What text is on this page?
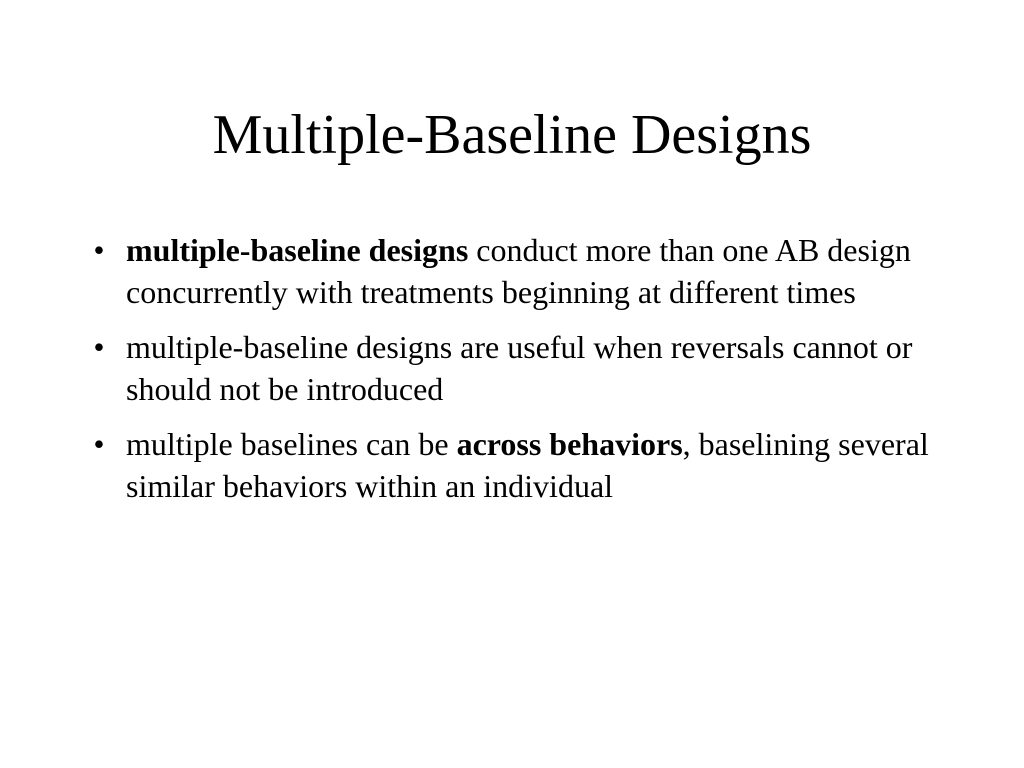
Multiple-Baseline Designs
• multiple-baseline designs conduct more than one AB design concurrently with treatments beginning at different times
• multiple-baseline designs are useful when reversals cannot or should not be introduced
• multiple baselines can be across behaviors, baselining several similar behaviors within an individual
